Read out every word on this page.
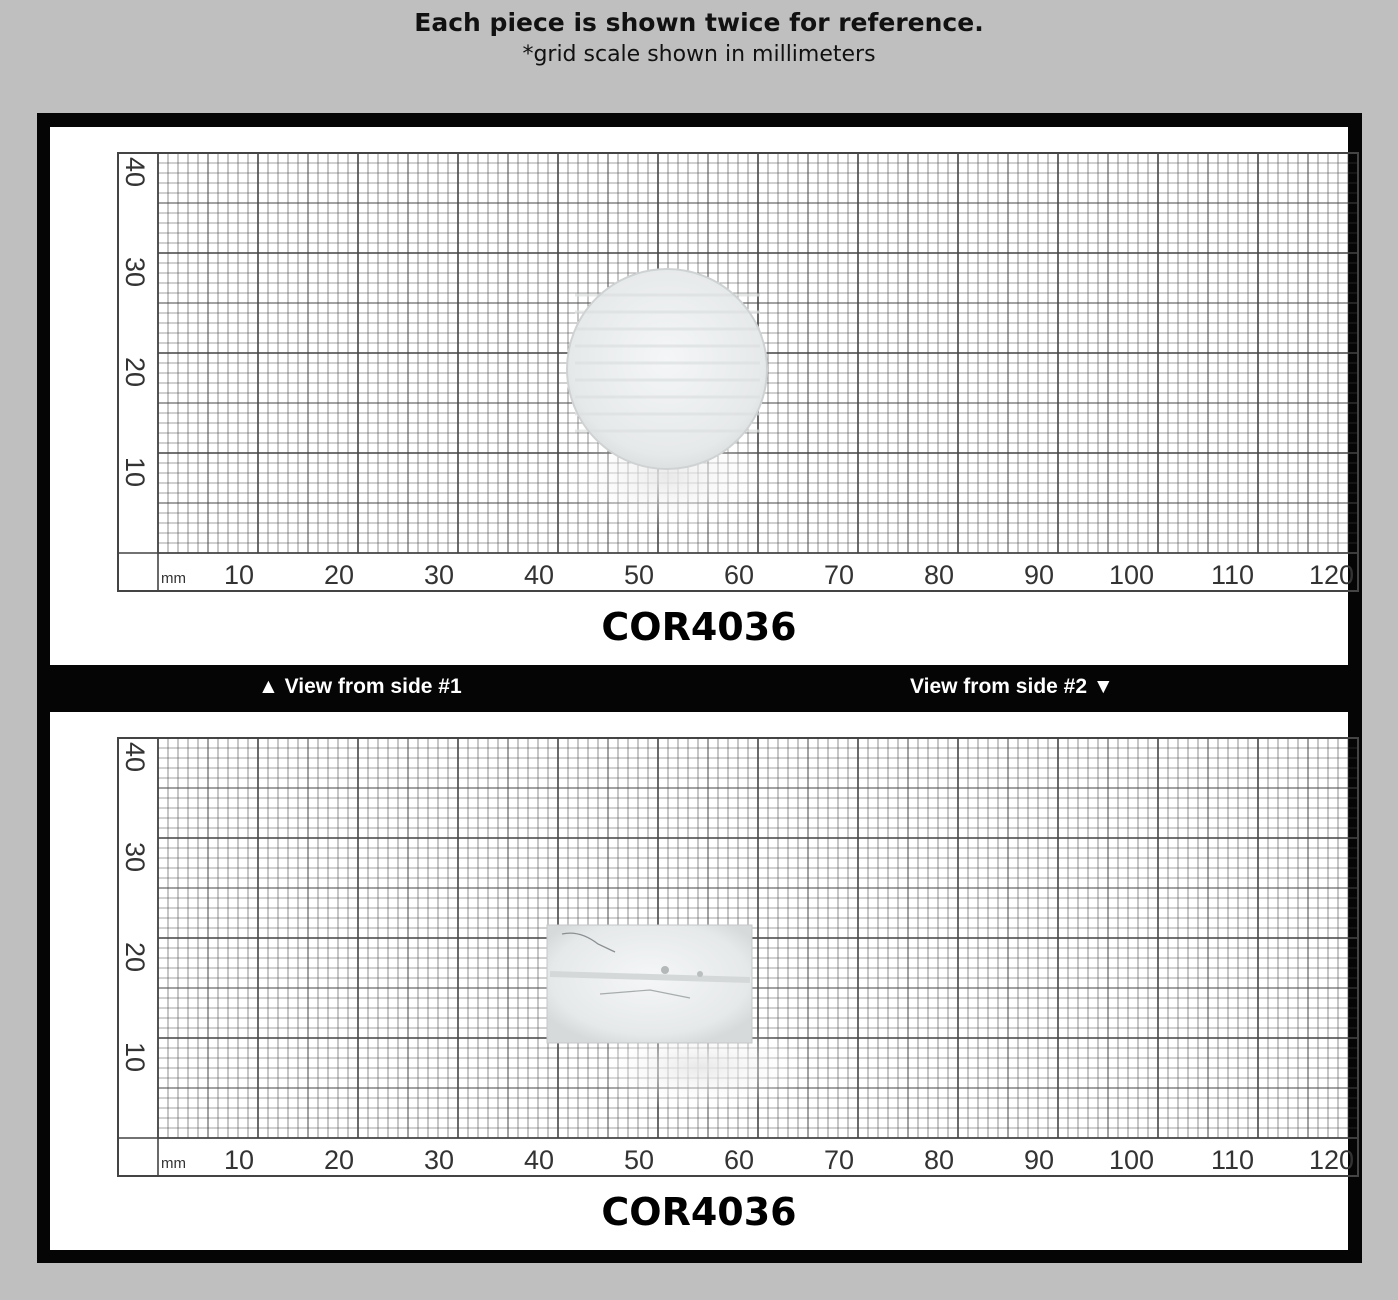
Each piece is shown twice for reference.
*grid scale shown in millimeters
mm 10	20	30	40	50	60	70	80	90 100 110 120
10
20
30
40
COR4036
▲ View from side #1	View from side #2 ▼
mm 10	20	30	40	50	60	70	80	90 100 110 120
10
20
30
40
COR4036
